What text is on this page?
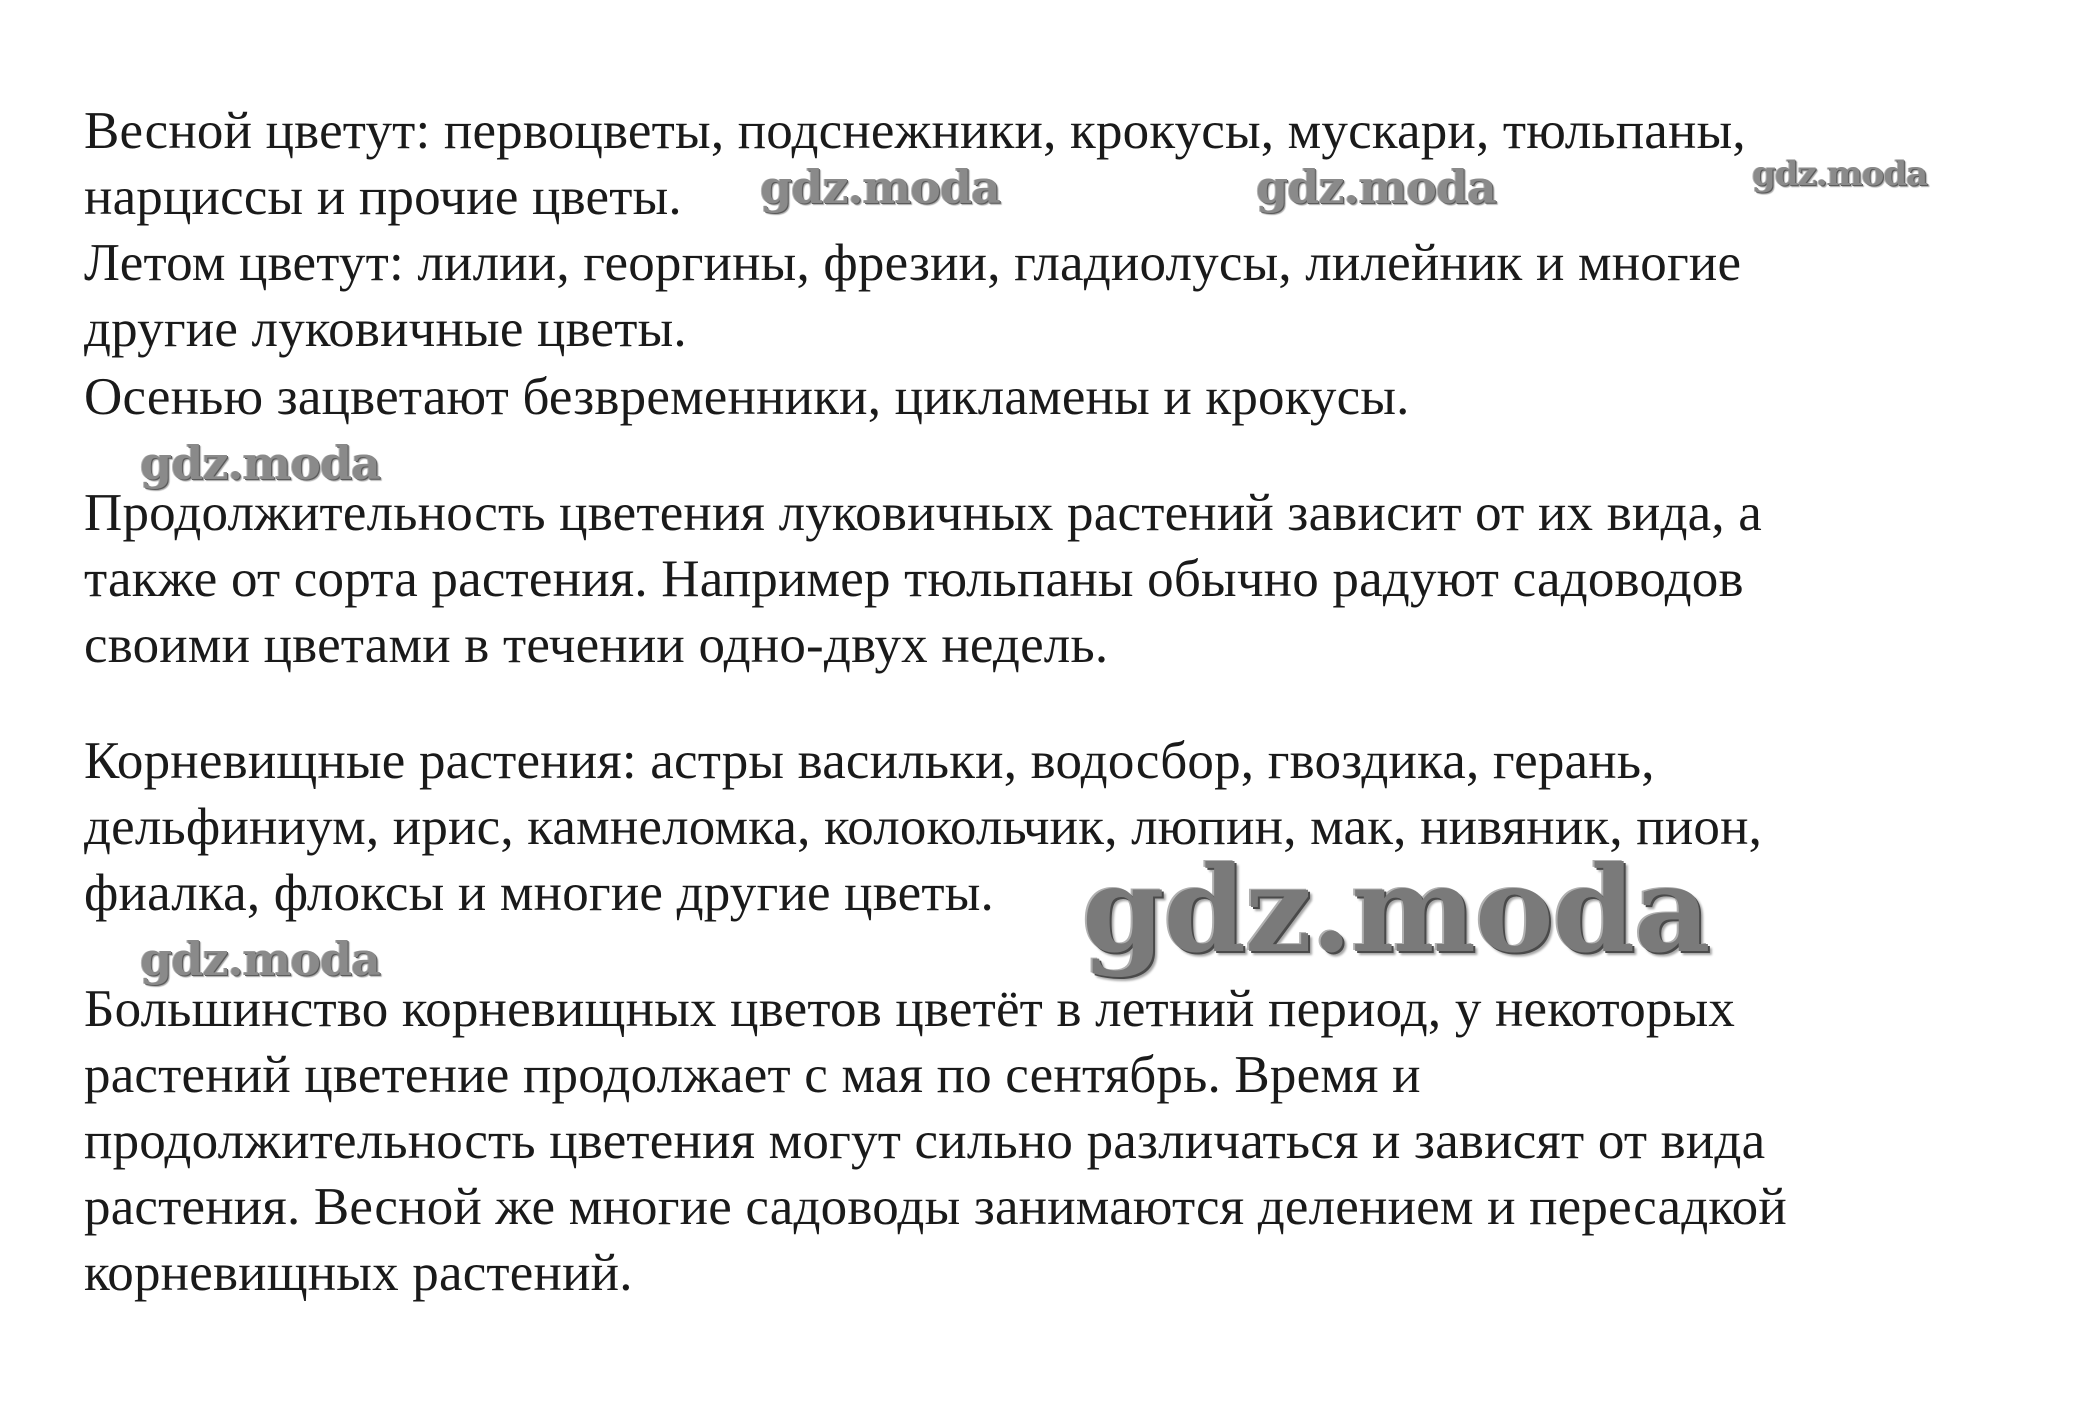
Весной цветут: первоцветы, подснежники, крокусы, мускари, тюльпаны,
нарциссы и прочие цветы.
Летом цветут: лилии, георгины, фрезии, гладиолусы, лилейник и многие
другие луковичные цветы.
Осенью зацветают безвременники, цикламены и крокусы.
Продолжительность цветения луковичных растений зависит от их вида, а
также от сорта растения. Например тюльпаны обычно радуют садоводов
своими цветами в течении одно-двух недель.
Корневищные растения: астры васильки, водосбор, гвоздика, герань,
дельфиниум, ирис, камнеломка, колокольчик, люпин, мак, нивяник, пион,
фиалка, флоксы и многие другие цветы.
Большинство корневищных цветов цветёт в летний период, у некоторых
растений цветение продолжает с мая по сентябрь. Время и
продолжительность цветения могут сильно различаться и зависят от вида
растения. Весной же многие садоводы занимаются делением и пересадкой
корневищных растений.
gdz.moda	gdz.moda	gdz.moda
gdz.moda
gdz.moda	gdz.moda
